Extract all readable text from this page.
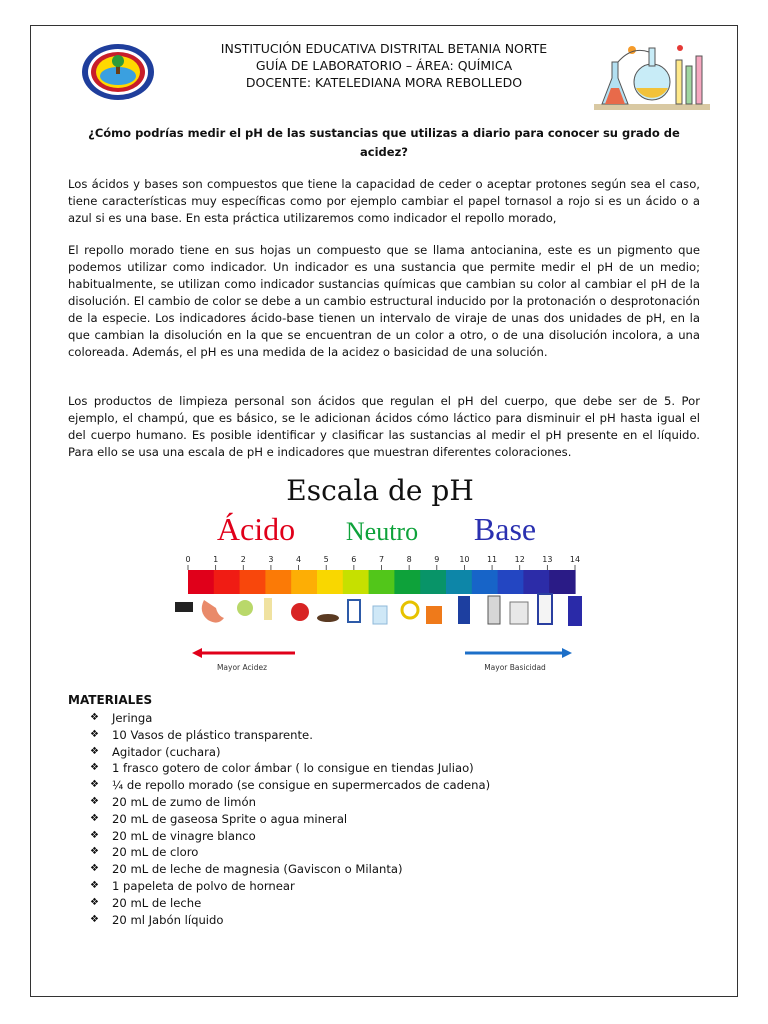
INSTITUCIÓN EDUCATIVA DISTRITAL BETANIA NORTE
GUÍA DE LABORATORIO – ÁREA: QUÍMICA
DOCENTE: KATELEDIANA MORA REBOLLEDO
¿Cómo podrías medir el pH de las sustancias que utilizas a diario para conocer su grado de acidez?
Los ácidos y bases son compuestos que tiene la capacidad de ceder o aceptar protones según sea el caso, tiene características muy específicas como por ejemplo cambiar el papel tornasol a rojo si es un ácido o a azul si es una base. En esta práctica utilizaremos como indicador el repollo morado,
El repollo morado tiene en sus hojas un compuesto que se llama antocianina, este es un pigmento que podemos utilizar como indicador. Un indicador es una sustancia que permite medir el pH de un medio; habitualmente, se utilizan como indicador sustancias químicas que cambian su color al cambiar el pH de la disolución. El cambio de color se debe a un cambio estructural inducido por la protonación o desprotonación de la especie. Los indicadores ácido-base tienen un intervalo de viraje de unas dos unidades de pH, en la que cambian la disolución en la que se encuentran de un color a otro, o de una disolución incolora, a una coloreada. Además, el pH es una medida de la acidez o basicidad de una solución.
Los productos de limpieza personal son ácidos que regulan el pH del cuerpo, que debe ser de 5. Por ejemplo, el champú, que es básico, se le adicionan ácidos cómo láctico para disminuir el pH hasta igual el del cuerpo humano. Es posible identificar y clasificar las sustancias al medir el pH presente en el líquido. Para ello se usa una escala de pH e indicadores que muestran diferentes coloraciones.
Escala de pH
Ácido Neutro Base
0	1	2	3	4	5	6	7	8	9	10 11 12 13 14
Mayor Acidez	Mayor Basicidad
MATERIALES
❖	Jeringa
❖	10 Vasos de plástico transparente.
❖	Agitador (cuchara)
❖	1 frasco gotero de color ámbar ( lo consigue en tiendas Juliao)
❖	¼ de repollo morado (se consigue en supermercados de cadena)
❖	20 mL de zumo de limón
❖	20 mL de gaseosa Sprite o agua mineral
❖	20 mL de vinagre blanco
❖	20 mL de cloro
❖	20 mL de leche de magnesia (Gaviscon o Milanta)
❖	1 papeleta de polvo de hornear
❖	20 mL de leche
❖	20 ml Jabón líquido
